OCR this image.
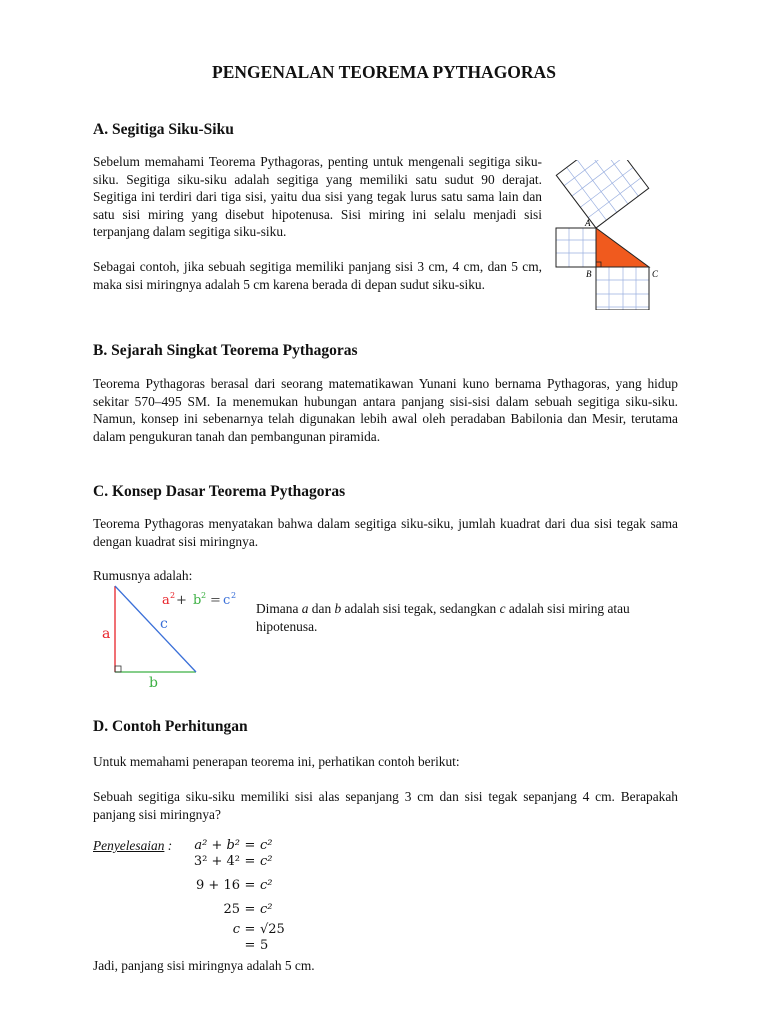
PENGENALAN TEOREMA PYTHAGORAS
A. Segitiga Siku-Siku
Sebelum memahami Teorema Pythagoras, penting untuk mengenali segitiga siku-siku. Segitiga siku-siku adalah segitiga yang memiliki satu sudut 90 derajat. Segitiga ini terdiri dari tiga sisi, yaitu dua sisi yang tegak lurus satu sama lain dan satu sisi miring yang disebut hipotenusa. Sisi miring ini selalu menjadi sisi terpanjang dalam segitiga siku-siku.
Sebagai contoh, jika sebuah segitiga memiliki panjang sisi 3 cm, 4 cm, dan 5 cm, maka sisi miringnya adalah 5 cm karena berada di depan sudut siku-siku.
A
B	C
B. Sejarah Singkat Teorema Pythagoras
Teorema Pythagoras berasal dari seorang matematikawan Yunani kuno bernama Pythagoras, yang hidup sekitar 570–495 SM. Ia menemukan hubungan antara panjang sisi-sisi dalam sebuah segitiga siku-siku. Namun, konsep ini sebenarnya telah digunakan lebih awal oleh peradaban Babilonia dan Mesir, terutama dalam pengukuran tanah dan pembangunan piramida.
C. Konsep Dasar Teorema Pythagoras
Teorema Pythagoras menyatakan bahwa dalam segitiga siku-siku, jumlah kuadrat dari dua sisi tegak sama dengan kuadrat sisi miringnya.
Rumusnya adalah:
a
b
c
a 2 + b 2 = c 2
Dimana a dan b adalah sisi tegak, sedangkan c adalah sisi miring atau hipotenusa.
D. Contoh Perhitungan
Untuk memahami penerapan teorema ini, perhatikan contoh berikut:
Sebuah segitiga siku-siku memiliki sisi alas sepanjang 3 cm dan sisi tegak sepanjang 4 cm. Berapakah panjang sisi miringnya?
Penyelesaian :	a² + b² = c²
3² + 4² = c²
9 + 16 = c²
25 = c²
c = √25
= 5
Jadi, panjang sisi miringnya adalah 5 cm.
